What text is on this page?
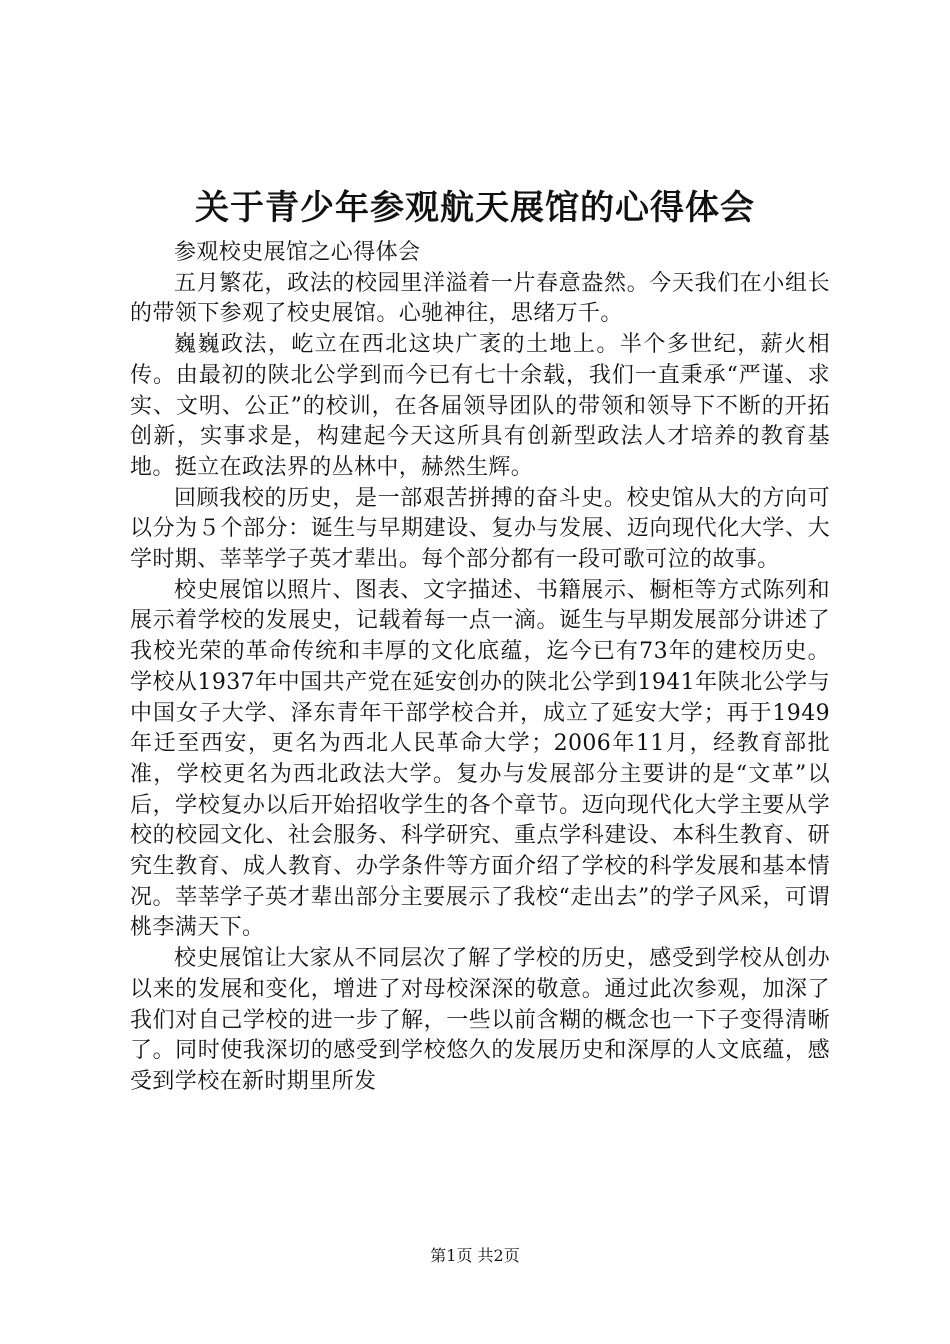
关于青少年参观航天展馆的心得体会

参观校史展馆之心得体会

五月繁花，政法的校园里洋溢着一片春意盎然。今天我们在小组长的带领下参观了校史展馆。心驰神往，思绪万千。

巍巍政法，屹立在西北这块广袤的土地上。半个多世纪，薪火相传。由最初的陕北公学到而今已有七十余载，我们一直秉承“严谨、求实、文明、公正”的校训，在各届领导团队的带领和领导下不断的开拓创新，实事求是，构建起今天这所具有创新型政法人才培养的教育基地。挺立在政法界的丛林中，赫然生辉。

回顾我校的历史，是一部艰苦拼搏的奋斗史。校史馆从大的方向可以分为５个部分：诞生与早期建设、复办与发展、迈向现代化大学、大学时期、莘莘学子英才辈出。每个部分都有一段可歌可泣的故事。

校史展馆以照片、图表、文字描述、书籍展示、橱柜等方式陈列和展示着学校的发展史，记载着每一点一滴。诞生与早期发展部分讲述了我校光荣的革命传统和丰厚的文化底蕴，迄今已有73年的建校历史。学校从1937年中国共产党在延安创办的陕北公学到1941年陕北公学与中国女子大学、泽东青年干部学校合并，成立了延安大学；再于1949年迁至西安，更名为西北人民革命大学；2006年11月，经教育部批准，学校更名为西北政法大学。复办与发展部分主要讲的是“文革”以后，学校复办以后开始招收学生的各个章节。迈向现代化大学主要从学校的校园文化、社会服务、科学研究、重点学科建设、本科生教育、研究生教育、成人教育、办学条件等方面介绍了学校的科学发展和基本情况。莘莘学子英才辈出部分主要展示了我校“走出去”的学子风采，可谓桃李满天下。

校史展馆让大家从不同层次了解了学校的历史，感受到学校从创办以来的发展和变化，增进了对母校深深的敬意。通过此次参观，加深了我们对自己学校的进一步了解，一些以前含糊的概念也一下子变得清晰了。同时使我深切的感受到学校悠久的发展历史和深厚的人文底蕴，感受到学校在新时期里所发

第1页 共2页
